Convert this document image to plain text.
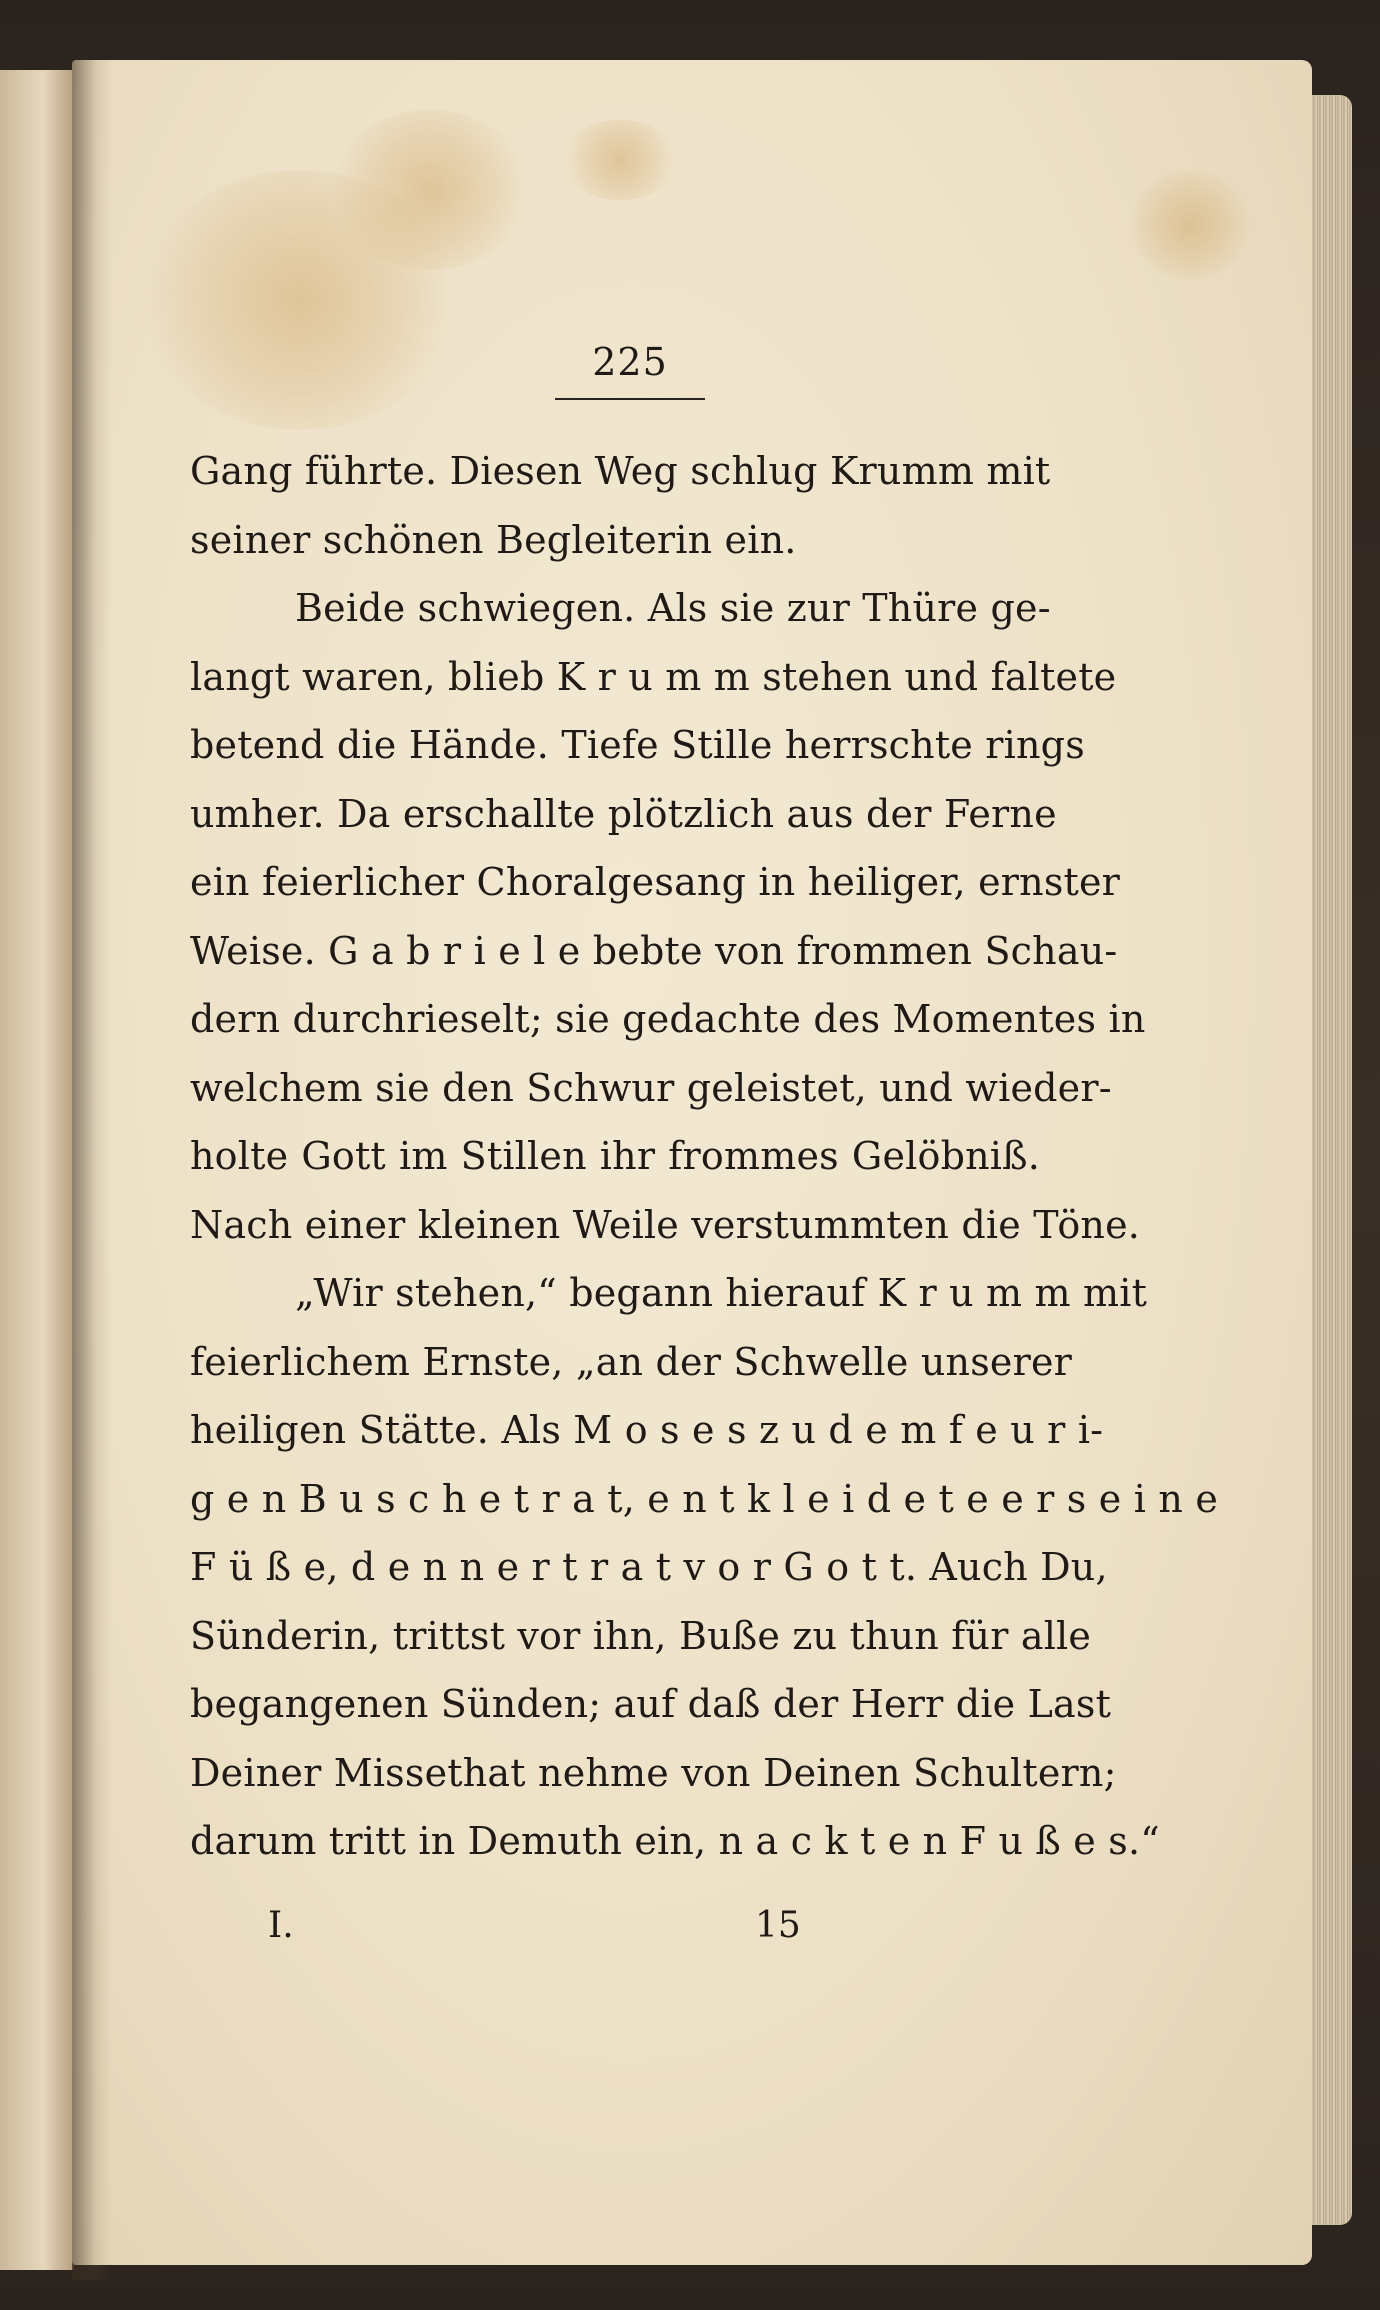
225
Gang führte. Diesen Weg schlug Krumm mit
seiner schönen Begleiterin ein.
Beide schwiegen. Als sie zur Thüre ge-
langt waren, blieb K r u m m stehen und faltete
betend die Hände. Tiefe Stille herrschte rings
umher. Da erschallte plötzlich aus der Ferne
ein feierlicher Choralgesang in heiliger, ernster
Weise. G a b r i e l e bebte von frommen Schau-
dern durchrieselt; sie gedachte des Momentes in
welchem sie den Schwur geleistet, und wieder-
holte Gott im Stillen ihr frommes Gelöbniß.
Nach einer kleinen Weile verstummten die Töne.
„Wir stehen,“ begann hierauf K r u m m mit
feierlichem Ernste, „an der Schwelle unserer
heiligen Stätte. Als M o s e s z u d e m f e u r i-
g e n B u s c h e t r a t, e n t k l e i d e t e e r s e i n e
F ü ß e, d e n n e r t r a t v o r G o t t. Auch Du,
Sünderin, trittst vor ihn, Buße zu thun für alle
begangenen Sünden; auf daß der Herr die Last
Deiner Missethat nehme von Deinen Schultern;
darum tritt in Demuth ein, n a c k t e n F u ß e s.“
I.	15
